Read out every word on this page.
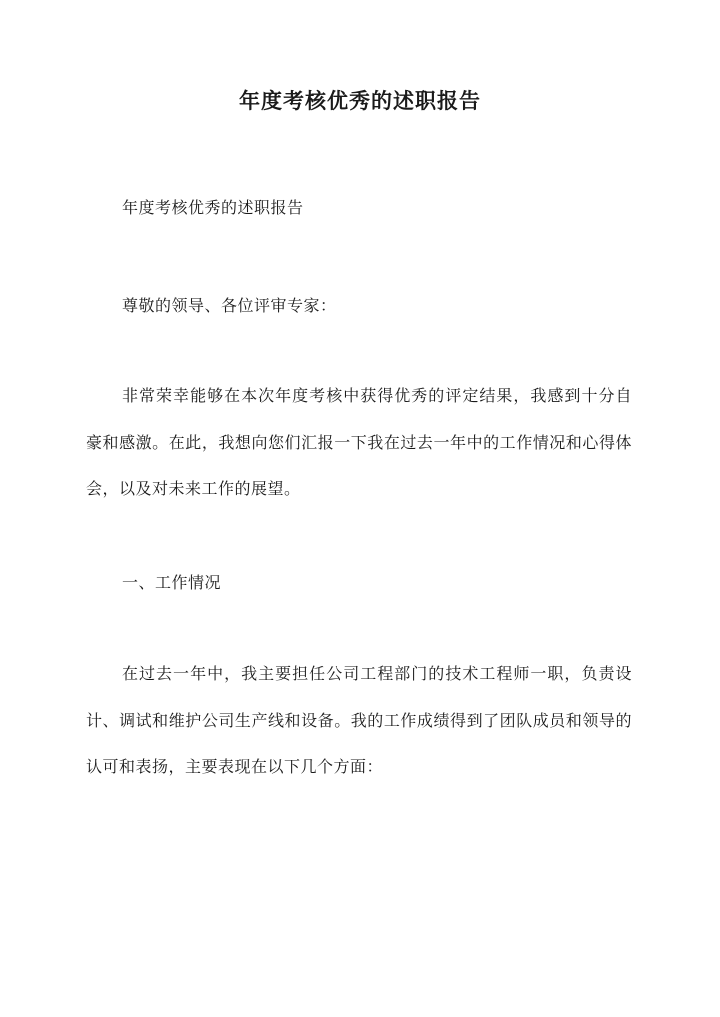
年度考核优秀的述职报告

年度考核优秀的述职报告

尊敬的领导、各位评审专家：

非常荣幸能够在本次年度考核中获得优秀的评定结果，我感到十分自豪和感激。在此，我想向您们汇报一下我在过去一年中的工作情况和心得体会，以及对未来工作的展望。

一、工作情况

在过去一年中，我主要担任公司工程部门的技术工程师一职，负责设计、调试和维护公司生产线和设备。我的工作成绩得到了团队成员和领导的认可和表扬，主要表现在以下几个方面：
